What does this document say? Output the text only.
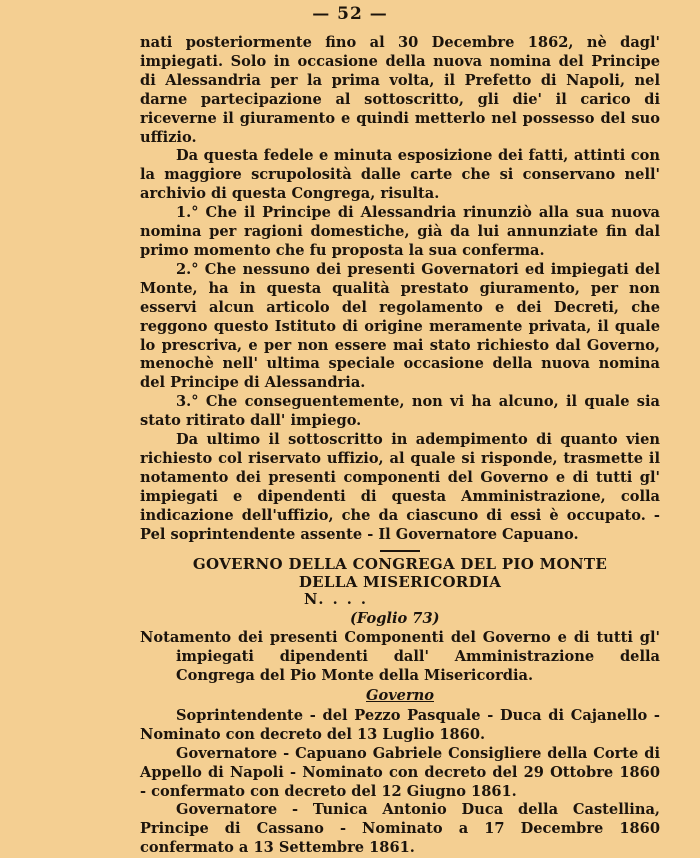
— 52 —

nati posteriormente fino al 30 Decembre 1862, nè dagl' impiegati. Solo in occasione della nuova nomina del Principe di Alessandria per la prima volta, il Prefetto di Napoli, nel darne partecipazione al sottoscritto, gli die' il carico di riceverne il giuramento e quindi metterlo nel possesso del suo uffizio.

Da questa fedele e minuta esposizione dei fatti, attinti con la maggiore scrupolosità dalle carte che si conservano nell' archivio di questa Congrega, risulta.

1.° Che il Principe di Alessandria rinunziò alla sua nuova nomina per ragioni domestiche, già da lui annunziate fin dal primo momento che fu proposta la sua conferma.

2.° Che nessuno dei presenti Governatori ed impiegati del Monte, ha in questa qualità prestato giuramento, per non esservi alcun articolo del regolamento e dei Decreti, che reggono questo Istituto di origine meramente privata, il quale lo prescriva, e per non essere mai stato richiesto dal Governo, menochè nell' ultima speciale occasione della nuova nomina del Principe di Alessandria.

3.° Che conseguentemente, non vi ha alcuno, il quale sia stato ritirato dall' impiego.

Da ultimo il sottoscritto in adempimento di quanto vien richiesto col riservato uffizio, al quale si risponde, trasmette il notamento dei presenti componenti del Governo e di tutti gl' impiegati e dipendenti di questa Amministrazione, colla indicazione dell'uffizio, che da ciascuno di essi è occupato. - Pel soprintendente assente - Il Governatore Capuano.

GOVERNO DELLA CONGREGA DEL PIO MONTE
DELLA MISERICORDIA
N. . . .
(Foglio 73)

Notamento dei presenti Componenti del Governo e di tutti gl' impiegati dipendenti dall' Amministrazione della Congrega del Pio Monte della Misericordia.

Governo

Soprintendente - del Pezzo Pasquale - Duca di Cajanello - Nominato con decreto del 13 Luglio 1860.

Governatore - Capuano Gabriele Consigliere della Corte di Appello di Napoli - Nominato con decreto del 29 Ottobre 1860 - confermato con decreto del 12 Giugno 1861.

Governatore - Tunica Antonio Duca della Castellina, Principe di Cassano - Nominato a 17 Decembre 1860 confermato a 13 Settembre 1861.
